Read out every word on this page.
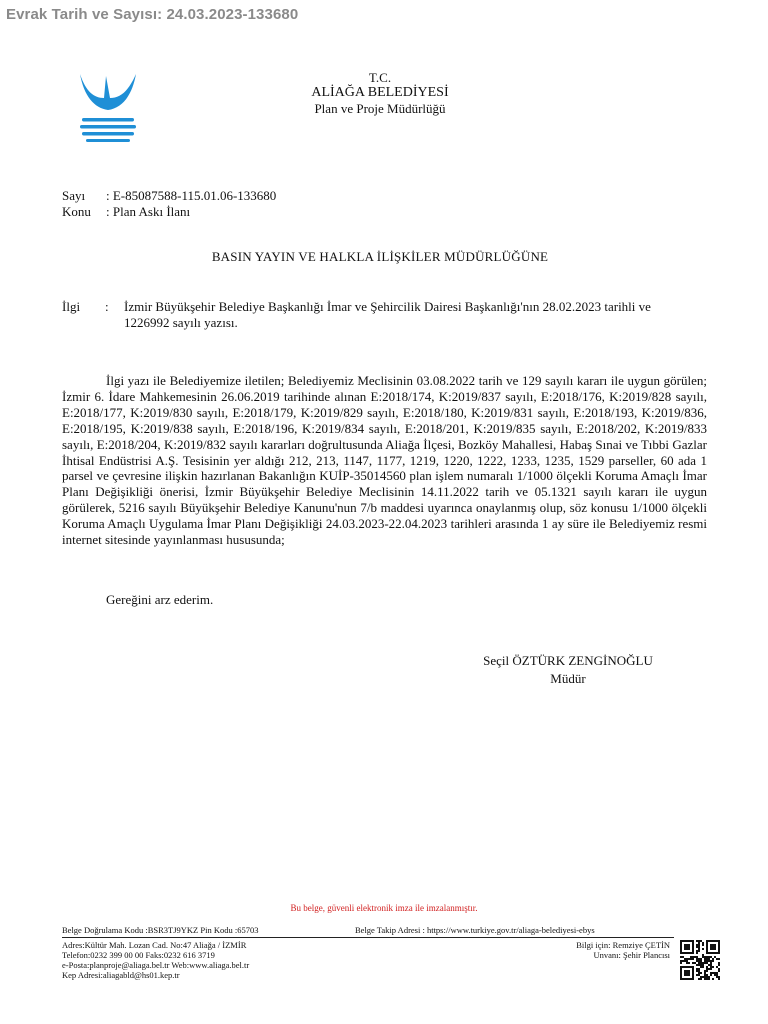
Evrak Tarih ve Sayısı: 24.03.2023-133680
T.C.
ALİAĞA BELEDİYESİ
Plan ve Proje Müdürlüğü
Sayı : E-85087588-115.01.06-133680
Konu : Plan Askı İlanı
BASIN YAYIN VE HALKLA İLİŞKİLER MÜDÜRLÜĞÜNE
İlgi : İzmir Büyükşehir Belediye Başkanlığı İmar ve Şehircilik Dairesi Başkanlığı'nın 28.02.2023 tarihli ve 1226992 sayılı yazısı.

İlgi yazı ile Belediyemize iletilen; Belediyemiz Meclisinin 03.08.2022 tarih ve 129 sayılı kararı ile uygun görülen; İzmir 6. İdare Mahkemesinin 26.06.2019 tarihinde alınan E:2018/174, K:2019/837 sayılı, E:2018/176, K:2019/828 sayılı, E:2018/177, K:2019/830 sayılı, E:2018/179, K:2019/829 sayılı, E:2018/180, K:2019/831 sayılı, E:2018/193, K:2019/836, E:2018/195, K:2019/838 sayılı, E:2018/196, K:2019/834 sayılı, E:2018/201, K:2019/835 sayılı, E:2018/202, K:2019/833 sayılı, E:2018/204, K:2019/832 sayılı kararları doğrultusunda Aliağa İlçesi, Bozköy Mahallesi, Habaş Sınai ve Tıbbi Gazlar İhtisal Endüstrisi A.Ş. Tesisinin yer aldığı 212, 213, 1147, 1177, 1219, 1220, 1222, 1233, 1235, 1529 parseller, 60 ada 1 parsel ve çevresine ilişkin hazırlanan Bakanlığın KUİP-35014560 plan işlem numaralı 1/1000 ölçekli Koruma Amaçlı İmar Planı Değişikliği önerisi, İzmir Büyükşehir Belediye Meclisinin 14.11.2022 tarih ve 05.1321 sayılı kararı ile uygun görülerek, 5216 sayılı Büyükşehir Belediye Kanunu'nun 7/b maddesi uyarınca onaylanmış olup, söz konusu 1/1000 ölçekli Koruma Amaçlı Uygulama İmar Planı Değişikliği 24.03.2023-22.04.2023 tarihleri arasında 1 ay süre ile Belediyemiz resmi internet sitesinde yayınlanması hususunda;

Gereğini arz ederim.
Seçil ÖZTÜRK ZENGİNOĞLU
Müdür
Bu belge, güvenli elektronik imza ile imzalanmıştır.
Belge Doğrulama Kodu :BSR3TJ9YKZ Pin Kodu :65703	Belge Takip Adresi : https://www.turkiye.gov.tr/aliaga-belediyesi-ebys
Adres:Kültür Mah. Lozan Cad. No:47 Aliağa / İZMİR
Telefon:0232 399 00 00 Faks:0232 616 3719
e-Posta:planproje@aliaga.bel.tr Web:www.aliaga.bel.tr
Kep Adresi:aliagabld@hs01.kep.tr
Bilgi için: Remziye ÇETİN
Unvanı: Şehir Plancısı
